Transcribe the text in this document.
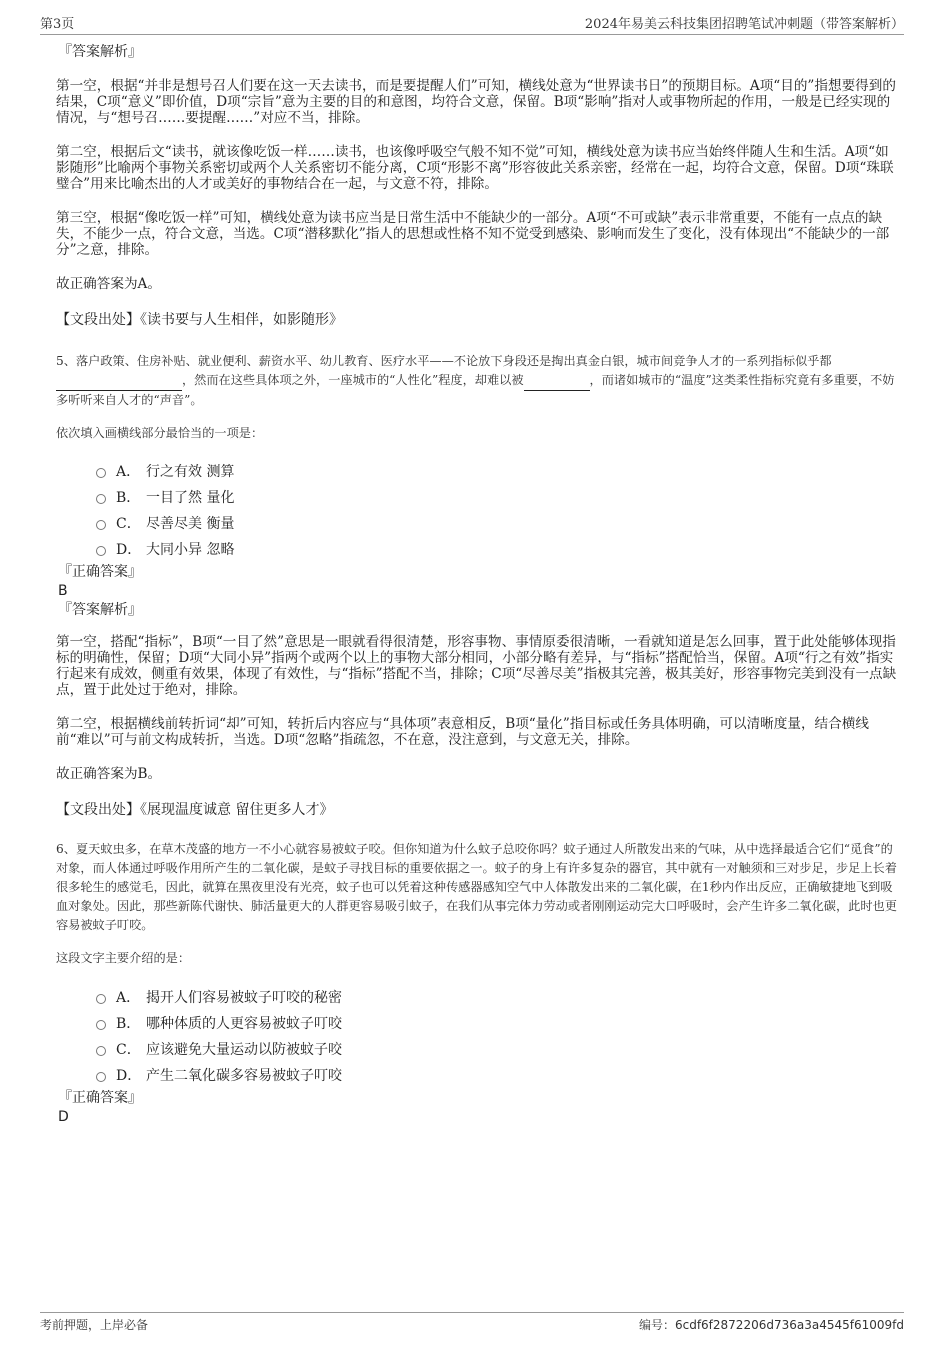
第3页	2024年易美云科技集团招聘笔试冲刺题（带答案解析）
『答案解析』

第一空，根据“并非是想号召人们要在这一天去读书，而是要提醒人们”可知，横线处意为“世界读书日”的预期目标。A项“目的”指想要得到的结果，C项“意义”即价值，D项“宗旨”意为主要的目的和意图，均符合文意，保留。B项“影响”指对人或事物所起的作用，一般是已经实现的情况，与“想号召……要提醒……”对应不当，排除。

第二空，根据后文“读书，就该像吃饭一样……读书，也该像呼吸空气般不知不觉”可知，横线处意为读书应当始终伴随人生和生活。A项“如影随形”比喻两个事物关系密切或两个人关系密切不能分离，C项“形影不离”形容彼此关系亲密，经常在一起，均符合文意，保留。D项“珠联璧合”用来比喻杰出的人才或美好的事物结合在一起，与文意不符，排除。

第三空，根据“像吃饭一样”可知，横线处意为读书应当是日常生活中不能缺少的一部分。A项“不可或缺”表示非常重要，不能有一点点的缺失，不能少一点，符合文意，当选。C项“潜移默化”指人的思想或性格不知不觉受到感染、影响而发生了变化，没有体现出“不能缺少的一部分”之意，排除。

故正确答案为A。

【文段出处】《读书要与人生相伴，如影随形》

5、落户政策、住房补贴、就业便利、薪资水平、幼儿教育、医疗水平——不论放下身段还是掏出真金白银，城市间竞争人才的一系列指标似乎都，然而在这些具体项之外，一座城市的“人性化”程度，却难以被	，而诸如城市的“温度”这类柔性指标究竟有多重要，不妨多听听来自人才的“声音”。

依次填入画横线部分最恰当的一项是：

A． 行之有效 测算
B． 一目了然 量化
C． 尽善尽美 衡量
D． 大同小异 忽略
『正确答案』
B
『答案解析』

第一空，搭配“指标”，B项“一目了然”意思是一眼就看得很清楚，形容事物、事情原委很清晰，一看就知道是怎么回事，置于此处能够体现指标的明确性，保留；D项“大同小异”指两个或两个以上的事物大部分相同，小部分略有差异，与“指标”搭配恰当，保留。A项“行之有效”指实行起来有成效，侧重有效果，体现了有效性，与“指标”搭配不当，排除；C项“尽善尽美”指极其完善，极其美好，形容事物完美到没有一点缺点，置于此处过于绝对，排除。

第二空，根据横线前转折词“却”可知，转折后内容应与“具体项”表意相反，B项“量化”指目标或任务具体明确，可以清晰度量，结合横线前“难以”可与前文构成转折，当选。D项“忽略”指疏忽，不在意，没注意到，与文意无关，排除。

故正确答案为B。

【文段出处】《展现温度诚意 留住更多人才》

6、夏天蚊虫多，在草木茂盛的地方一不小心就容易被蚊子咬。但你知道为什么蚊子总咬你吗？蚊子通过人所散发出来的气味，从中选择最适合它们“觅食”的对象，而人体通过呼吸作用所产生的二氧化碳，是蚊子寻找目标的重要依据之一。蚊子的身上有许多复杂的器官，其中就有一对触须和三对步足，步足上长着很多轮生的感觉毛，因此，就算在黑夜里没有光亮，蚊子也可以凭着这种传感器感知空气中人体散发出来的二氧化碳，在1秒内作出反应，正确敏捷地飞到吸血对象处。因此，那些新陈代谢快、肺活量更大的人群更容易吸引蚊子，在我们从事完体力劳动或者刚刚运动完大口呼吸时，会产生许多二氧化碳，此时也更容易被蚊子叮咬。

这段文字主要介绍的是：

A． 揭开人们容易被蚊子叮咬的秘密
B． 哪种体质的人更容易被蚊子叮咬
C． 应该避免大量运动以防被蚊子咬
D． 产生二氧化碳多容易被蚊子叮咬
『正确答案』
D
考前押题，上岸必备	编号：6cdf6f2872206d736a3a4545f61009fd
